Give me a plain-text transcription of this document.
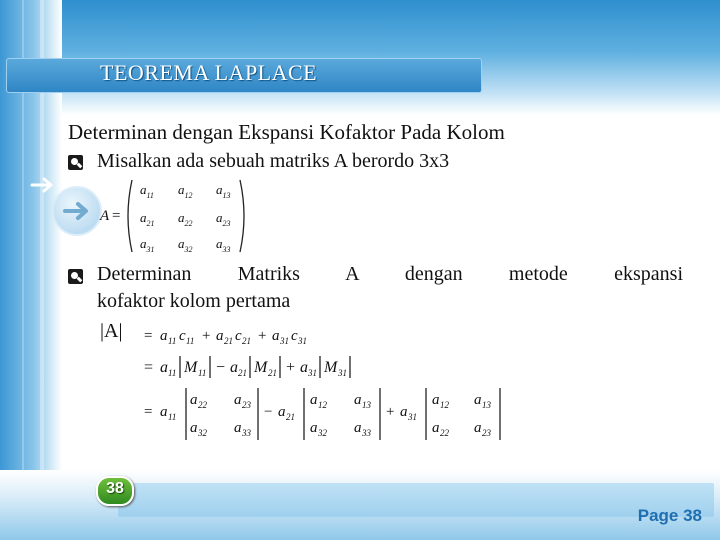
TEOREMA LAPLACE
Determinan dengan Ekspansi Kofaktor Pada Kolom
Misalkan ada sebuah matriks A berordo 3x3
A =
$a_{11}$ $a_{12}$ $a_{13}$
$a_{21}$ $a_{22}$ $a_{23}$
$a_{31}$ $a_{32}$ $a_{33}$
Determinan Matriks A dengan metode ekspansi
kofaktor kolom pertama
|A| = a 11 c 11 + a 21 c 21 + a 31 c 31
= a 11 M 11 − a 21 M 21 + a 31 M 31
= a 11
a 22 a 23
a 32 a 33
− a 21
a 12 a 13
a 32 a 33
+ a 31
a 12 a 13
a 22 a 23
38
Page 38
